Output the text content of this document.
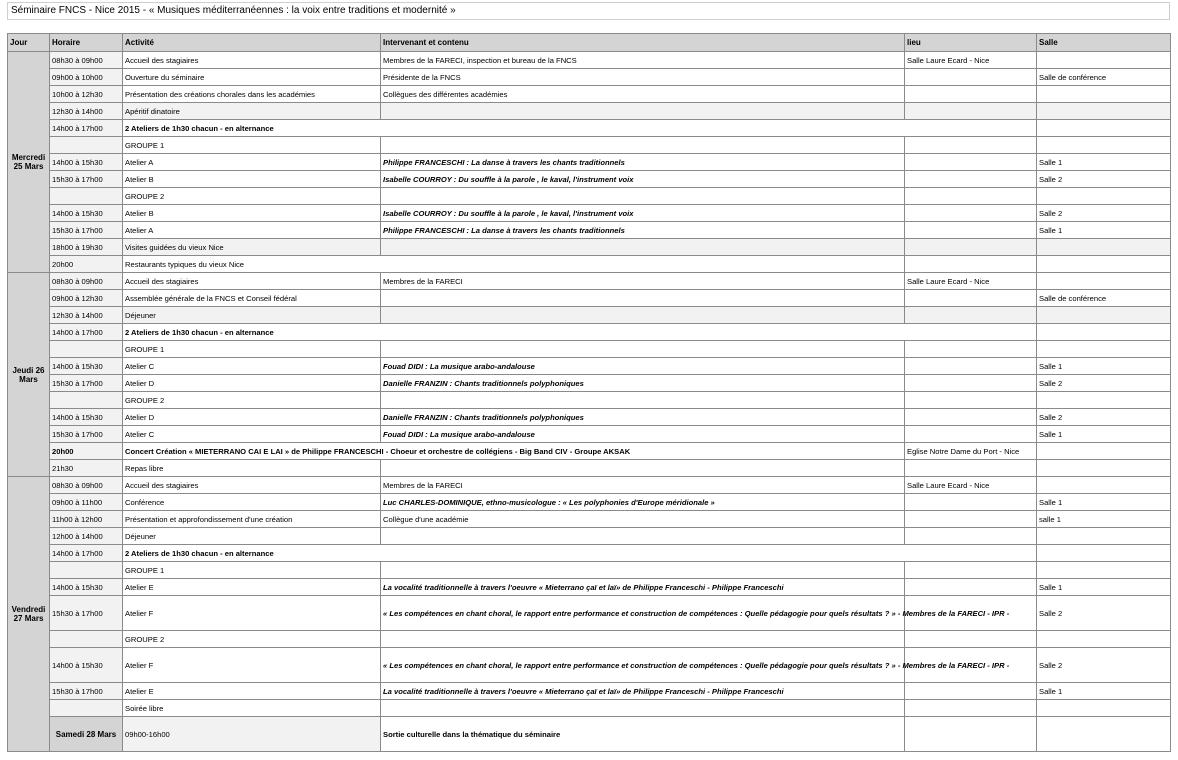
Séminaire FNCS - Nice 2015 - « Musiques méditerranéennes : la voix entre traditions et modernité »
Jour	Horaire	Activité	Intervenant et contenu	lieu	Salle	
Mercredi 25 Mars	08h30 à 09h00	Accueil des stagiaires	Membres de la FARECI, inspection et bureau de la FNCS	Salle Laure Ecard - Nice		
	09h00 à 10h00	Ouverture du séminaire	Présidente de la FNCS		Salle de conférence	
	10h00 à 12h30	Présentation des créations chorales dans les académies	Collègues des différentes académies			
	12h30 à 14h00	Apéritif dinatoire				
	14h00 à 17h00	2 Ateliers de 1h30 chacun - en alternance				
		GROUPE 1				
	14h00 à 15h30	Atelier A	Philippe FRANCESCHI : La danse à travers les chants traditionnels		Salle 1	
	15h30 à 17h00	Atelier B	Isabelle COURROY : Du souffle à la parole , le kaval, l'instrument voix		Salle 2	
		GROUPE 2				
	14h00 à 15h30	Atelier B	Isabelle COURROY : Du souffle à la parole , le kaval, l'instrument voix		Salle 2	
	15h30 à 17h00	Atelier A	Philippe FRANCESCHI : La danse à travers les chants traditionnels		Salle 1	
	18h00 à 19h30	Visites guidées du vieux Nice				
	20h00	Restaurants typiques du vieux Nice				
Jeudi 26 Mars	08h30 à 09h00	Accueil des stagiaires	Membres de la FARECI	Salle Laure Ecard - Nice		
	09h00 à 12h30	Assemblée générale de la FNCS et Conseil fédéral			Salle de conférence	
	12h30 à 14h00	Déjeuner				
	14h00 à 17h00	2 Ateliers de 1h30 chacun - en alternance				
		GROUPE 1				
	14h00 à 15h30	Atelier C	Fouad DIDI : La musique arabo-andalouse		Salle 1	
	15h30 à 17h00	Atelier D	Danielle FRANZIN : Chants traditionnels polyphoniques		Salle 2	
		GROUPE 2				
	14h00 à 15h30	Atelier D	Danielle FRANZIN : Chants traditionnels polyphoniques		Salle 2	
	15h30 à 17h00	Atelier C	Fouad DIDI : La musique arabo-andalouse		Salle 1	
	20h00	Concert Création « MIETERRANO CAI E LAI » de Philippe FRANCESCHI - Choeur et orchestre de collégiens - Big Band CIV - Groupe AKSAK		Eglise Notre Dame du Port - Nice		
	21h30	Repas libre				
Vendredi 27 Mars	08h30 à 09h00	Accueil des stagiaires	Membres de la FARECI	Salle Laure Ecard - Nice		
	09h00 à 11h00	Conférence	Luc CHARLES-DOMINIQUE, ethno-musicologue : « Les polyphonies d'Europe méridionale »		Salle 1	
	11h00 à 12h00	Présentation et approfondissement d'une création	Collègue d'une académie		salle 1	
	12h00 à 14h00	Déjeuner				
	14h00 à 17h00	2 Ateliers de 1h30 chacun - en alternance				
		GROUPE 1				
	14h00 à 15h30	Atelier E	La vocalité traditionnelle à travers l'oeuvre « Mieterrano çaï et laï» de Philippe Franceschi - Philippe Franceschi		Salle 1	
	15h30 à 17h00	Atelier F	« Les compétences en chant choral, le rapport entre performance et construction de compétences : Quelle pédagogie pour quels résultats ? » - Membres de la FARECI - IPR -		Salle 2	
		GROUPE 2				
	14h00 à 15h30	Atelier F	« Les compétences en chant choral, le rapport entre performance et construction de compétences : Quelle pédagogie pour quels résultats ? » - Membres de la FARECI - IPR -		Salle 2	
	15h30 à 17h00	Atelier E	La vocalité traditionnelle à travers l'oeuvre « Mieterrano çaï et laï» de Philippe Franceschi - Philippe Franceschi		Salle 1	
		Soirée libre				
	Samedi 28 Mars	09h00-16h00	Sortie culturelle dans la thématique du séminaire			
